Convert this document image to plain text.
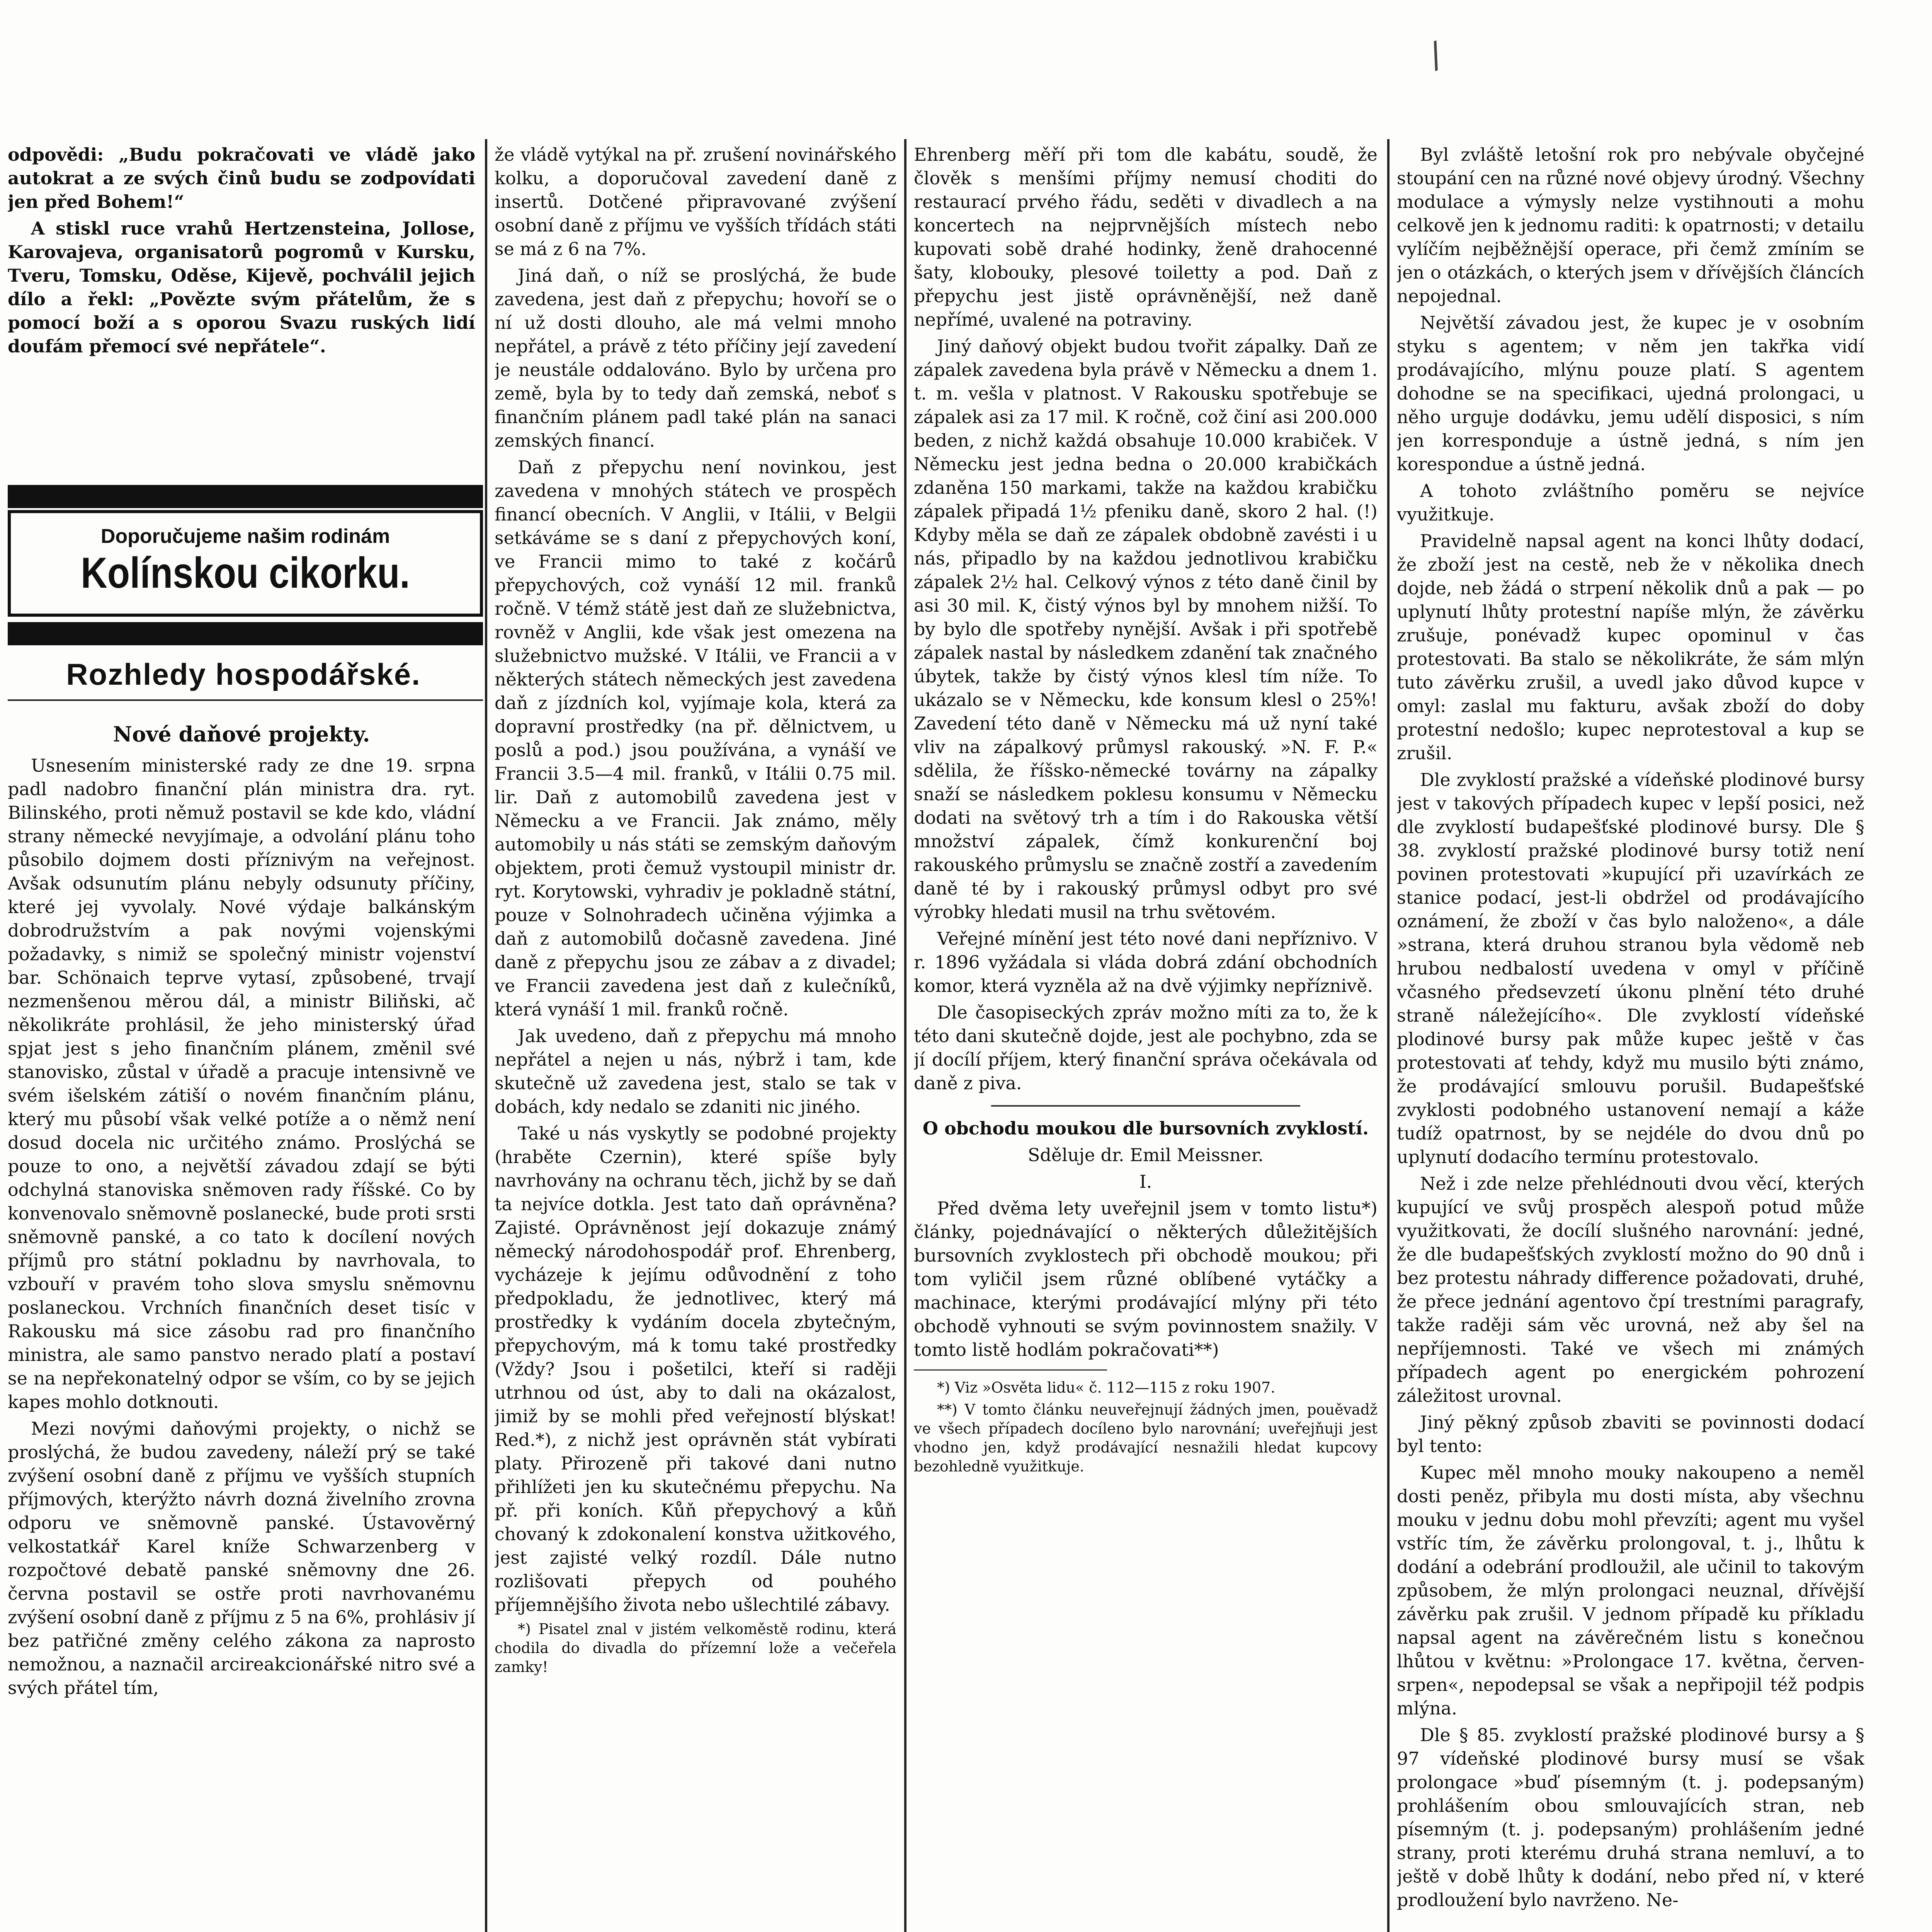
/

odpovědi: „Budu pokračovati ve vládě jako autokrat a ze svých činů budu se zodpovídati jen před Bohem!“

A stiskl ruce vrahů Hertzensteina, Jollose, Karovajeva, organisatorů pogromů v Kursku, Tveru, Tomsku, Oděse, Kijevě, pochválil jejich dílo a řekl: „Povězte svým přátelům, že s pomocí boží a s oporou Svazu ruských lidí doufám přemocí své nepřátele“.

Doporučujeme našim rodinám
Kolínskou cikorku.
Rozhledy hospodářské.

Nové daňové projekty.

Usnesením ministerské rady ze dne 19. srpna padl nadobro finanční plán ministra dra. ryt. Bilinského, proti němuž postavil se kde kdo, vládní strany německé nevyjímaje, a odvolání plánu toho působilo dojmem dosti příznivým na veřejnost. Avšak odsunutím plánu nebyly odsunuty příčiny, které jej vyvolaly. Nové výdaje balkánským dobrodružstvím a pak novými vojenskými požadavky, s nimiž se společný ministr vojenství bar. Schönaich teprve vytasí, způsobené, trvají nezmenšenou měrou dál, a ministr Biliňski, ač několikráte prohlásil, že jeho ministerský úřad spjat jest s jeho finančním plánem, změnil své stanovisko, zůstal v úřadě a pracuje intensivně ve svém išelském zátiší o novém finančním plánu, který mu působí však velké potíže a o němž není dosud docela nic určitého známo. Proslýchá se pouze to ono, a největší závadou zdají se býti odchylná stanoviska sněmoven rady říšské. Co by konvenovalo sněmovně poslanecké, bude proti srsti sněmovně panské, a co tato k docílení nových příjmů pro státní pokladnu by navrhovala, to vzbouří v pravém toho slova smyslu sněmovnu poslaneckou. Vrchních finančních deset tisíc v Rakousku má sice zásobu rad pro finančního ministra, ale samo panstvo nerado platí a postaví se na nepřekonatelný odpor se vším, co by se jejich kapes mohlo dotknouti.

Mezi novými daňovými projekty, o nichž se proslýchá, že budou zavedeny, náleží prý se také zvýšení osobní daně z příjmu ve vyšších stupních příjmových, kterýžto návrh dozná živelního zrovna odporu ve sněmovně panské. Ústavověrný velkostatkář Karel kníže Schwarzenberg v rozpočtové debatě panské sněmovny dne 26. června postavil se ostře proti navrhovanému zvýšení osobní daně z příjmu z 5 na 6%, prohlásiv jí bez patřičné změny celého zákona za naprosto nemožnou, a naznačil arcireakcionářské nitro své a svých přátel tím,

že vládě vytýkal na př. zrušení novinářského kolku, a doporučoval zavedení daně z insertů. Dotčené připravované zvýšení osobní daně z příjmu ve vyšších třídách státi se má z 6 na 7%.

Jiná daň, o níž se proslýchá, že bude zavedena, jest daň z přepychu; hovoří se o ní už dosti dlouho, ale má velmi mnoho nepřátel, a právě z této příčiny její zavedení je neustále oddalováno. Bylo by určena pro země, byla by to tedy daň zemská, neboť s finančním plánem padl také plán na sanaci zemských financí.

Daň z přepychu není novinkou, jest zavedena v mnohých státech ve prospěch financí obecních. V Anglii, v Itálii, v Belgii setkáváme se s daní z přepychových koní, ve Francii mimo to také z kočárů přepychových, což vynáší 12 mil. franků ročně. V témž státě jest daň ze služebnictva, rovněž v Anglii, kde však jest omezena na služebnictvo mužské. V Itálii, ve Francii a v některých státech německých jest zavedena daň z jízdních kol, vyjímaje kola, která za dopravní prostředky (na př. dělnictvem, u poslů a pod.) jsou používána, a vynáší ve Francii 3.5—4 mil. franků, v Itálii 0.75 mil. lir. Daň z automobilů zavedena jest v Německu a ve Francii. Jak známo, měly automobily u nás státi se zemským daňovým objektem, proti čemuž vystoupil ministr dr. ryt. Korytowski, vyhradiv je pokladně státní, pouze v Solnohradech učiněna výjimka a daň z automobilů dočasně zavedena. Jiné daně z přepychu jsou ze zábav a z divadel; ve Francii zavedena jest daň z kulečníků, která vynáší 1 mil. franků ročně.

Jak uvedeno, daň z přepychu má mnoho nepřátel a nejen u nás, nýbrž i tam, kde skutečně už zavedena jest, stalo se tak v dobách, kdy nedalo se zdaniti nic jiného.

Také u nás vyskytly se podobné projekty (hraběte Czernin), které spíše byly navrhovány na ochranu těch, jichž by se daň ta nejvíce dotkla. Jest tato daň oprávněna? Zajisté. Oprávněnost její dokazuje známý německý národohospodář prof. Ehrenberg, vycházeje k jejímu odůvodnění z toho předpokladu, že jednotlivec, který má prostředky k vydáním docela zbytečným, přepychovým, má k tomu také prostředky (Vždy? Jsou i pošetilci, kteří si raději utrhnou od úst, aby to dali na okázalost, jimiž by se mohli před veřejností blýskat! Red.*), z nichž jest oprávněn stát vybírati platy. Přirozeně při takové dani nutno přihlížeti jen ku skutečnému přepychu. Na př. při koních. Kůň přepychový a kůň chovaný k zdokonalení konstva užitkového, jest zajisté velký rozdíl. Dále nutno rozlišovati přepych od pouhého příjemnějšího života nebo ušlechtilé zábavy.

*) Pisatel znal v jistém velkoměstě rodinu, která chodila do divadla do přízemní lože a večeřela zamky!

Ehrenberg měří při tom dle kabátu, soudě, že člověk s menšími příjmy nemusí choditi do restaurací prvého řádu, seděti v divadlech a na koncertech na nejprvnějších místech nebo kupovati sobě drahé hodinky, ženě drahocenné šaty, klobouky, plesové toiletty a pod. Daň z přepychu jest jistě oprávněnější, než daně nepřímé, uvalené na potraviny.

Jiný daňový objekt budou tvořit zápalky. Daň ze zápalek zavedena byla právě v Německu a dnem 1. t. m. vešla v platnost. V Rakousku spotřebuje se zápalek asi za 17 mil. K ročně, což činí asi 200.000 beden, z nichž každá obsahuje 10.000 krabiček. V Německu jest jedna bedna o 20.000 krabičkách zdaněna 150 markami, takže na každou krabičku zápalek připadá 1½ pfeniku daně, skoro 2 hal. (!) Kdyby měla se daň ze zápalek obdobně zavésti i u nás, připadlo by na každou jednotlivou krabičku zápalek 2½ hal. Celkový výnos z této daně činil by asi 30 mil. K, čistý výnos byl by mnohem nižší. To by bylo dle spotřeby nynější. Avšak i při spotřebě zápalek nastal by následkem zdanění tak značného úbytek, takže by čistý výnos klesl tím níže. To ukázalo se v Německu, kde konsum klesl o 25%! Zavedení této daně v Německu má už nyní také vliv na zápalkový průmysl rakouský. »N. F. P.« sdělila, že říšsko-německé továrny na zápalky snaží se následkem poklesu konsumu v Německu dodati na světový trh a tím i do Rakouska větší množství zápalek, čímž konkurenční boj rakouského průmyslu se značně zostří a zavedením daně té by i rakouský průmysl odbyt pro své výrobky hledati musil na trhu světovém.

Veřejné mínění jest této nové dani nepříznivo. V r. 1896 vyžádala si vláda dobrá zdání obchodních komor, která vyzněla až na dvě výjimky nepříznivě.

Dle časopiseckých zpráv možno míti za to, že k této dani skutečně dojde, jest ale pochybno, zda se jí docílí příjem, který finanční správa očekávala od daně z piva.

O obchodu moukou dle bursovních zvyklostí.

Sděluje dr. Emil Meissner.

I.

Před dvěma lety uveřejnil jsem v tomto listu*) články, pojednávající o některých důležitějších bursovních zvyklostech při obchodě moukou; při tom vyličil jsem různé oblíbené vytáčky a machinace, kterými prodávající mlýny při této obchodě vyhnouti se svým povinnostem snažily. V tomto listě hodlám pokračovati**)

*) Viz »Osvěta lidu« č. 112—115 z roku 1907.

**) V tomto článku neuveřejnují žádných jmen, pouěvadž ve všech případech docíleno bylo narovnání; uveřejňuji jest vhodno jen, když prodávající nesnažili hledat kupcovy bezohledně využitkuje.

Byl zvláště letošní rok pro nebývale obyčejné stoupání cen na různé nové objevy úrodný. Všechny modulace a výmysly nelze vystihnouti a mohu celkově jen k jednomu raditi: k opatrnosti; v detailu vylíčím nejběžnější operace, při čemž zmíním se jen o otázkách, o kterých jsem v dřívějších článcích nepojednal.

Největší závadou jest, že kupec je v osobním styku s agentem; v něm jen takřka vidí prodávajícího, mlýnu pouze platí. S agentem dohodne se na specifikaci, ujedná prolongaci, u něho urguje dodávku, jemu udělí disposici, s ním jen korrespondujе a ústně jedná, s ním jen korespondue a ústně jedná.

A tohoto zvláštního poměru se nejvíce využitkuje.

Pravidelně napsal agent na konci lhůty dodací, že zboží jest na cestě, neb že v několika dnech dojde, neb žádá o strpení několik dnů a pak — po uplynutí lhůty protestní napíše mlýn, že závěrku zrušuje, ponévadž kupec opominul v čas protestovati. Ba stalo se několikráte, že sám mlýn tuto závěrku zrušil, a uvedl jako důvod kupce v omyl: zaslal mu fakturu, avšak zboží do doby protestní nedošlo; kupec neprotestoval a kup se zrušil.

Dle zvyklostí pražské a vídeňské plodinové bursy jest v takových případech kupec v lepší posici, než dle zvyklostí budapešťské plodinové bursy. Dle § 38. zvyklostí pražské plodinové bursy totiž není povinen protestovati »kupující při uzavírkách ze stanice podací, jest-li obdržel od prodávajícího oznámení, že zboží v čas bylo naloženo«, a dále »strana, která druhou stranou byla vědomě neb hrubou nedbalostí uvedena v omyl v příčině včasného předsevzetí úkonu plnění této druhé straně náležejícího«. Dle zvyklostí vídeňské plodinové bursy pak může kupec ještě v čas protestovati ať tehdy, když mu musilo býti známo, že prodávající smlouvu porušil. Budapešťské zvyklosti podobného ustanovení nemají a káže tudíž opatrnost, by se nejdéle do dvou dnů po uplynutí dodacího termínu protestovalo.

Než i zde nelze přehlédnouti dvou věcí, kterých kupující ve svůj prospěch alespoň potud může využitkovati, že docílí slušného narovnání: jedné, že dle budapešťských zvyklostí možno do 90 dnů i bez protestu náhrady difference požadovati, druhé, že přece jednání agentovo čpí trestními paragrafy, takže raději sám věc urovná, než aby šel na nepříjemnosti. Také ve všech mi známých případech agent po energickém pohrození záležitost urovnal.

Jiný pěkný způsob zbaviti se povinnosti dodací byl tento:

Kupec měl mnoho mouky nakoupeno a neměl dosti peněz, přibyla mu dosti místa, aby všechnu mouku v jednu dobu mohl převzíti; agent mu vyšel vstříc tím, že závěrku prolongoval, t. j., lhůtu k dodání a odebrání prodloužil, ale učinil to takovým způsobem, že mlýn prolongaci neuznal, dřívější závěrku pak zrušil. V jednom případě ku příkladu napsal agent na závěrečném listu s konečnou lhůtou v květnu: »Prolongace 17. května, červen-srpen«, nepodepsal se však a nepřipojil též podpis mlýna.

Dle § 85. zvyklostí pražské plodinové bursy a § 97 vídeňské plodinové bursy musí se však prolongace »buď písemným (t. j. podepsaným) prohlášením obou smlouvajících stran, neb písemným (t. j. podepsaným) prohlášením jedné strany, proti kterému druhá strana nemluví, a to ještě v době lhůty k dodání, nebo před ní, v které prodloužení bylo navrženo. Ne-
